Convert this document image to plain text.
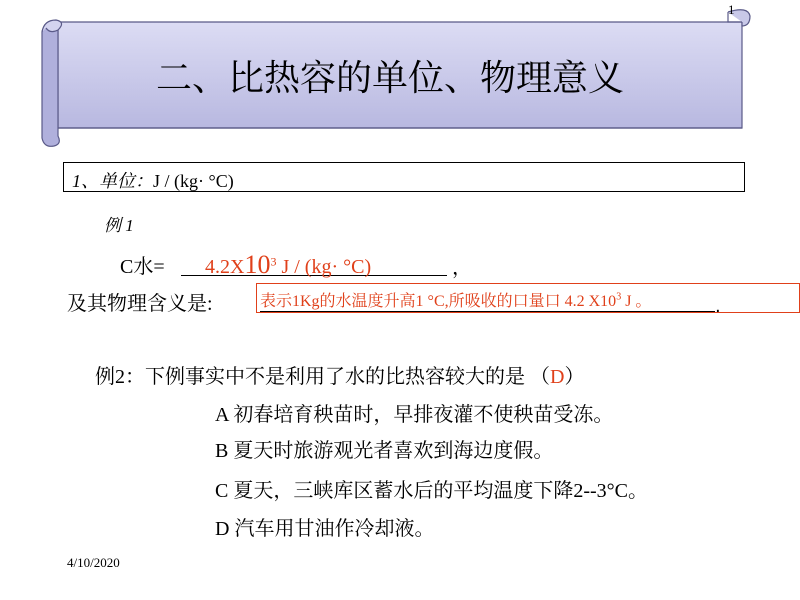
1
二、比热容的单位、物理意义
1、单位：J / (kg· °C)
例 1
C水= $4.2X10^3$ J / (kg· °C)	，
及其物理含义是:	表示1Kg的水温度升高1 °C,所吸收的口量口 4.2 $X10^3$ J 。	.
例2：下例事实中不是利用了水的比热容较大的是 （D）
A 初春培育秧苗时，早排夜灌不使秧苗受冻。
B 夏天时旅游观光者喜欢到海边度假。
C 夏天，三峡库区蓄水后的平均温度下降2--3°C。
D 汽车用甘油作冷却液。
4/10/2020
